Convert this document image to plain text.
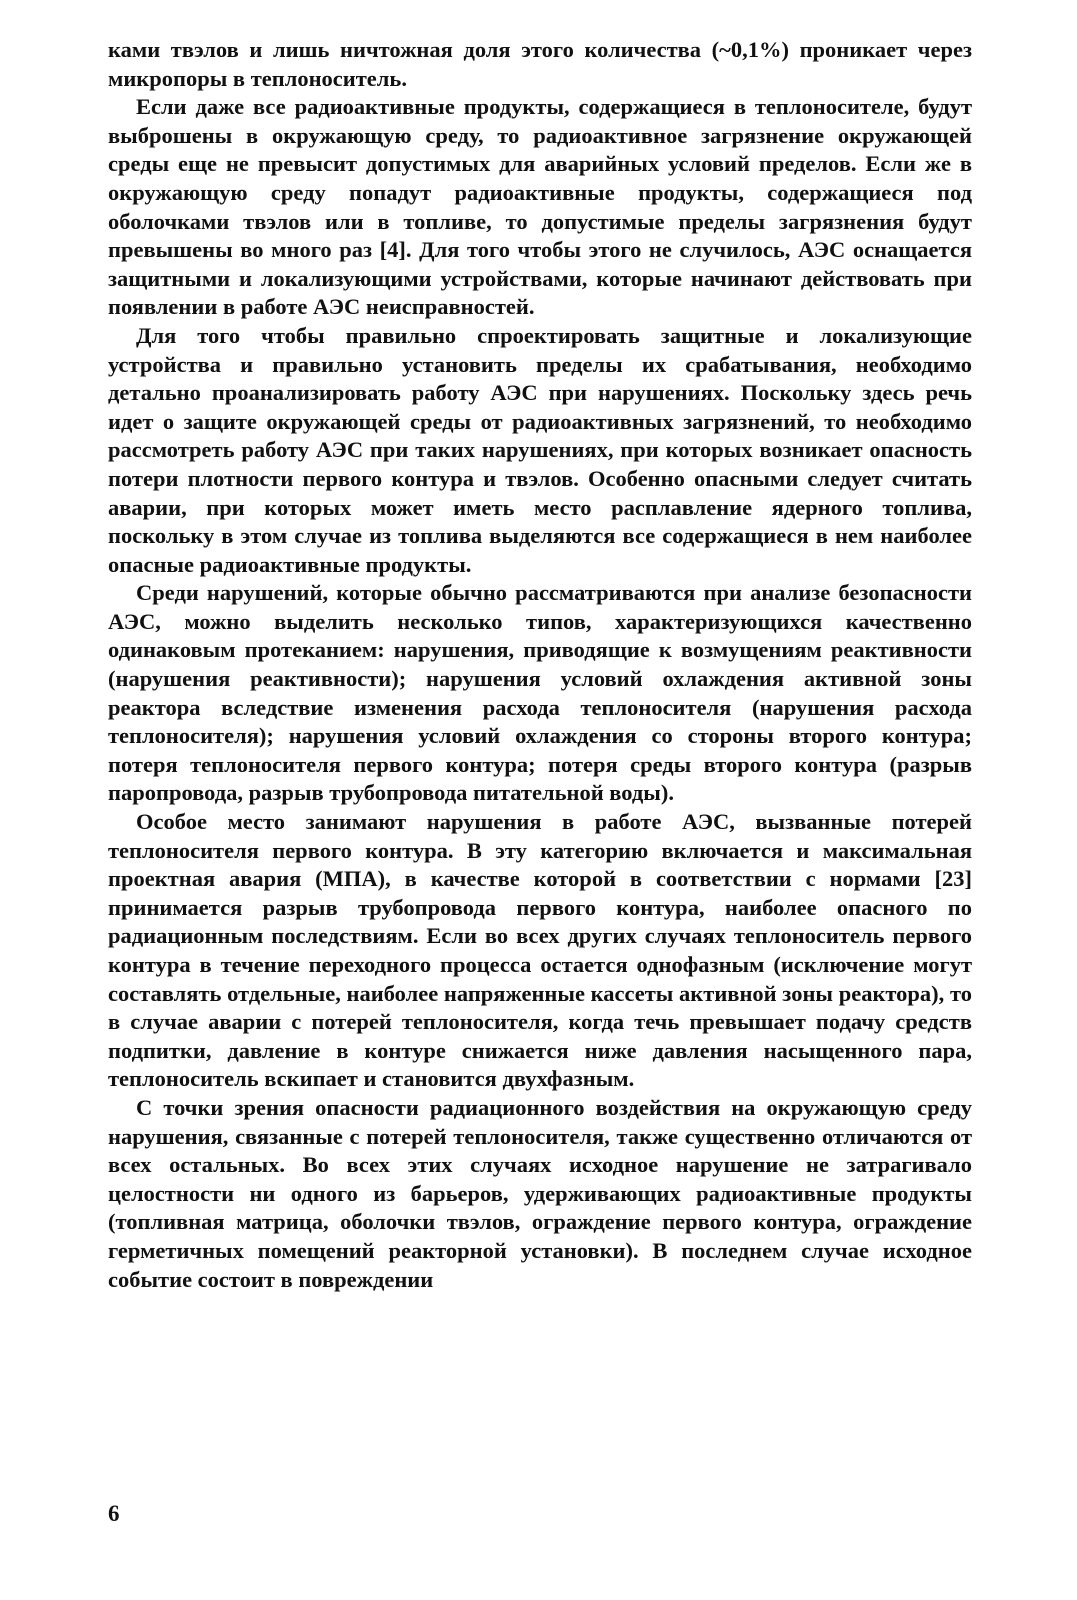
ками твэлов и лишь ничтожная доля этого количества (~0,1%) проникает через микропоры в теплоноситель.

Если даже все радиоактивные продукты, содержащиеся в теплоносителе, будут выброшены в окружающую среду, то радиоактивное загрязнение окружающей среды еще не превысит допустимых для аварийных условий пределов. Если же в окружающую среду попадут радиоактивные продукты, содержащиеся под оболочками твэлов или в топливе, то допустимые пределы загрязнения будут превышены во много раз [4]. Для того чтобы этого не случилось, АЭС оснащается защитными и локализующими устройствами, которые начинают действовать при появлении в работе АЭС неисправностей.

Для того чтобы правильно спроектировать защитные и локализующие устройства и правильно установить пределы их срабатывания, необходимо детально проанализировать работу АЭС при нарушениях. Поскольку здесь речь идет о защите окружающей среды от радиоактивных загрязнений, то необходимо рассмотреть работу АЭС при таких нарушениях, при которых возникает опасность потери плотности первого контура и твэлов. Особенно опасными следует считать аварии, при которых может иметь место расплавление ядерного топлива, поскольку в этом случае из топлива выделяются все содержащиеся в нем наиболее опасные радиоактивные продукты.

Среди нарушений, которые обычно рассматриваются при анализе безопасности АЭС, можно выделить несколько типов, характеризующихся качественно одинаковым протеканием: нарушения, приводящие к возмущениям реактивности (нарушения реактивности); нарушения условий охлаждения активной зоны реактора вследствие изменения расхода теплоносителя (нарушения расхода теплоносителя); нарушения условий охлаждения со стороны второго контура; потеря теплоносителя первого контура; потеря среды второго контура (разрыв паропровода, разрыв трубопровода питательной воды).

Особое место занимают нарушения в работе АЭС, вызванные потерей теплоносителя первого контура. В эту категорию включается и максимальная проектная авария (МПА), в качестве которой в соответствии с нормами [23] принимается разрыв трубопровода первого контура, наиболее опасного по радиационным последствиям. Если во всех других случаях теплоноситель первого контура в течение переходного процесса остается однофазным (исключение могут составлять отдельные, наиболее напряженные кассеты активной зоны реактора), то в случае аварии с потерей теплоносителя, когда течь превышает подачу средств подпитки, давление в контуре снижается ниже давления насыщенного пара, теплоноситель вскипает и становится двухфазным.

С точки зрения опасности радиационного воздействия на окружающую среду нарушения, связанные с потерей теплоносителя, также существенно отличаются от всех остальных. Во всех этих случаях исходное нарушение не затрагивало целостности ни одного из барьеров, удерживающих радиоактивные продукты (топливная матрица, оболочки твэлов, ограждение первого контура, ограждение герметичных помещений реакторной установки). В последнем случае исходное событие состоит в повреждении

6
